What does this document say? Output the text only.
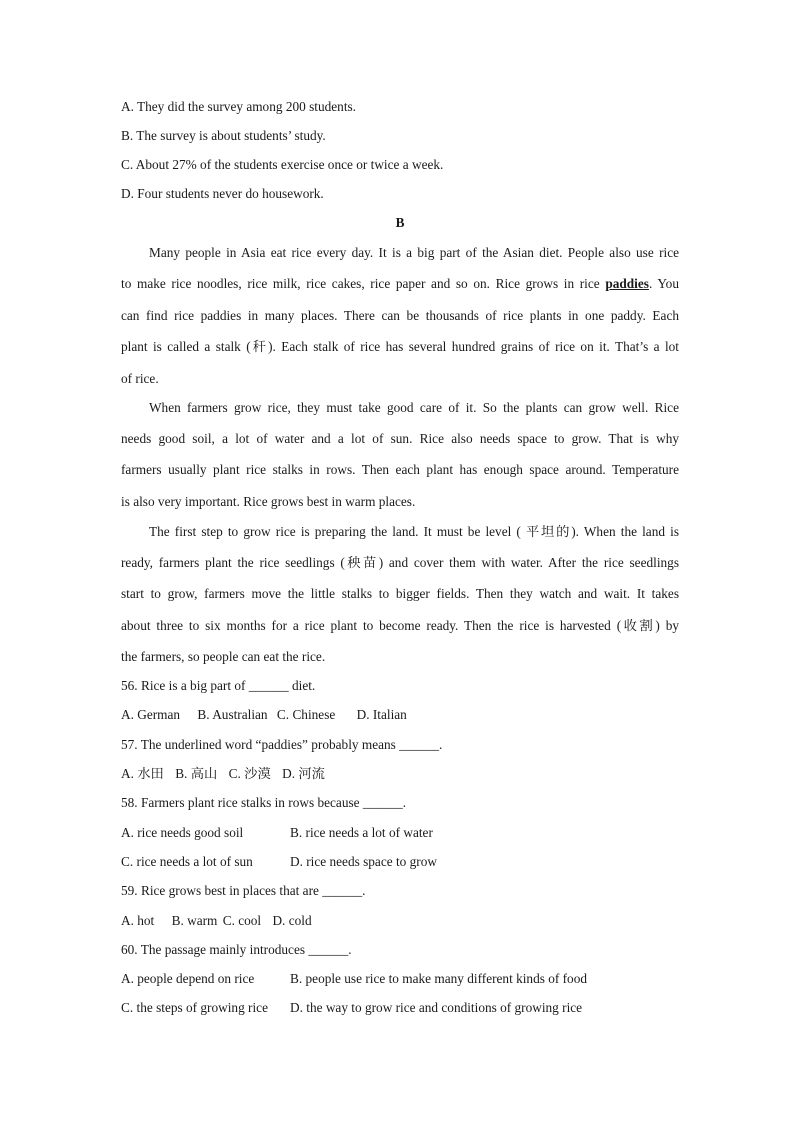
A. They did the survey among 200 students.
B. The survey is about students’ study.
C. About 27% of the students exercise once or twice a week.
D. Four students never do housework.
B
Many people in Asia eat rice every day. It is a big part of the Asian diet. People also use rice
to make rice noodles, rice milk, rice cakes, rice paper and so on. Rice grows in rice paddies. You
can find rice paddies in many places. There can be thousands of rice plants in one paddy. Each
plant is called a stalk (秆). Each stalk of rice has several hundred grains of rice on it. That’s a lot
of rice.
When farmers grow rice, they must take good care of it. So the plants can grow well. Rice
needs good soil, a lot of water and a lot of sun. Rice also needs space to grow. That is why
farmers usually plant rice stalks in rows. Then each plant has enough space around. Temperature
is also very important. Rice grows best in warm places.
The first step to grow rice is preparing the land. It must be level ( 平坦的). When the land is
ready, farmers plant the rice seedlings (秧苗) and cover them with water. After the rice seedlings
start to grow, farmers move the little stalks to bigger fields. Then they watch and wait. It takes
about three to six months for a rice plant to become ready. Then the rice is harvested (收割) by
the farmers, so people can eat the rice.
56. Rice is a big part of ______ diet.
A. German B. Australian C. Chinese D. Italian
57. The underlined word “paddies” probably means ______.
A. 水田 B. 高山 C. 沙漠 D. 河流
58. Farmers plant rice stalks in rows because ______.
A. rice needs good soil	B. rice needs a lot of water
C. rice needs a lot of sun	D. rice needs space to grow
59. Rice grows best in places that are ______.
A. hot B. warm C. cool D. cold
60. The passage mainly introduces ______.
A. people depend on rice	B. people use rice to make many different kinds of food
C. the steps of growing rice D. the way to grow rice and conditions of growing rice
